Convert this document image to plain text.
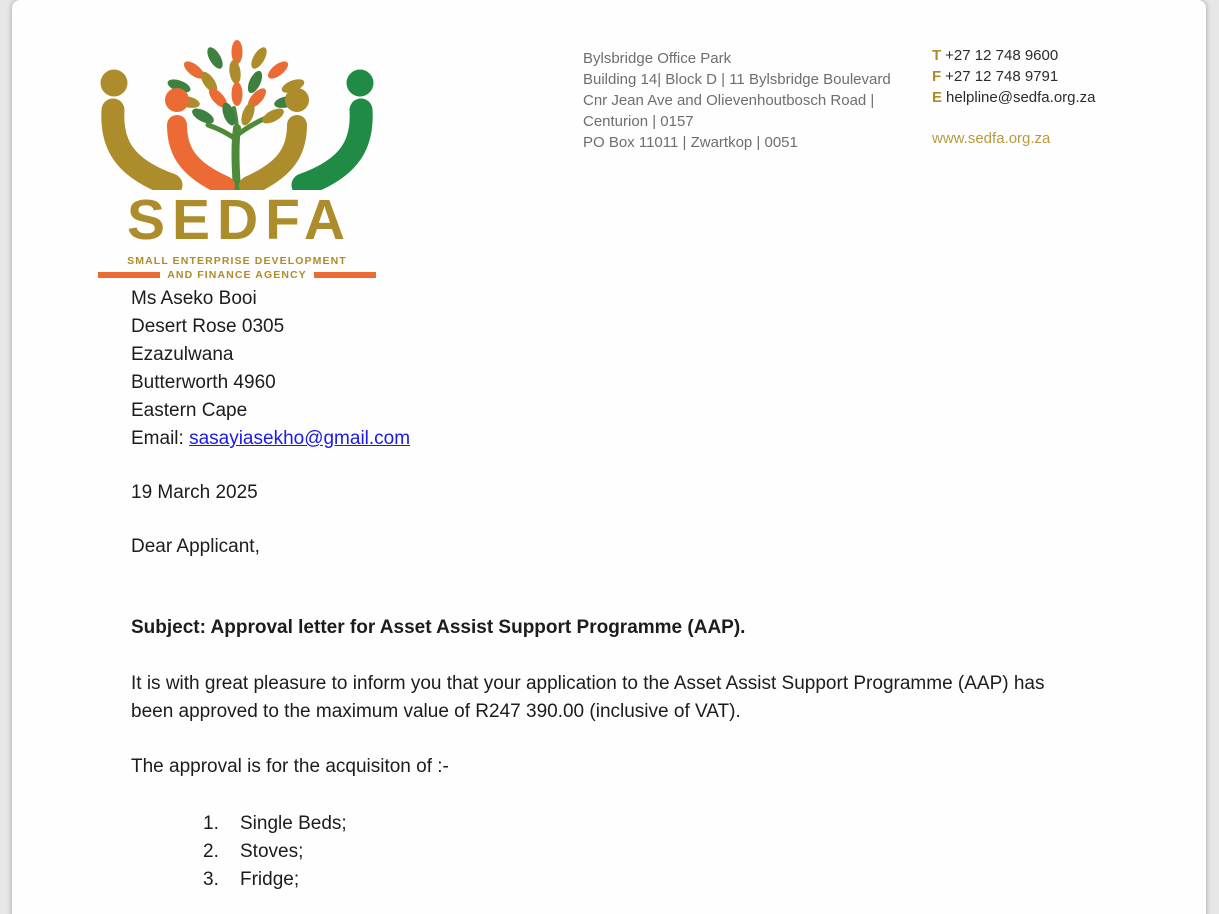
SEDFA
SMALL ENTERPRISE DEVELOPMENT
AND FINANCE AGENCY
Bylsbridge Office Park
Building 14| Block D | 11 Bylsbridge Boulevard
Cnr Jean Ave and Olievenhoutbosch Road |
Centurion | 0157
PO Box 11011 | Zwartkop | 0051
T +27 12 748 9600
F +27 12 748 9791
E helpline@sedfa.org.za
www.sedfa.org.za
Ms Aseko Booi
Desert Rose 0305
Ezazulwana
Butterworth 4960
Eastern Cape
Email: sasayiasekho@gmail.com
19 March 2025
Dear Applicant,
Subject: Approval letter for Asset Assist Support Programme (AAP).
It is with great pleasure to inform you that your application to the Asset Assist Support Programme (AAP) has been approved to the maximum value of R247 390.00 (inclusive of VAT).
The approval is for the acquisiton of :-
1.	Single Beds;
2.	Stoves;
3.	Fridge;
